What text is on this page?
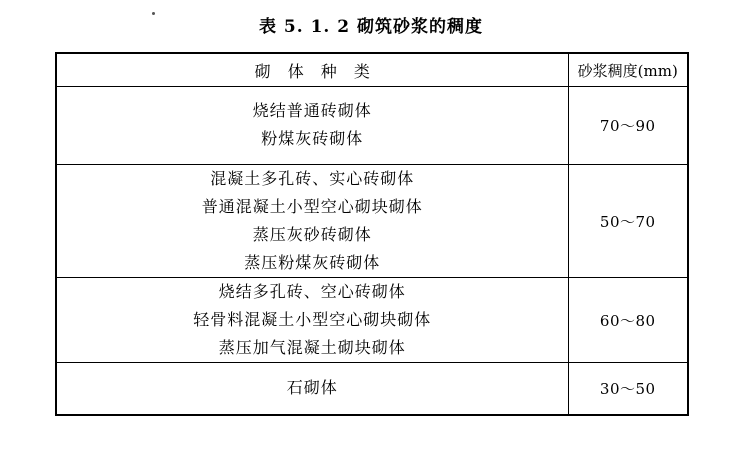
表 5. 1. 2 砌筑砂浆的稠度
砌 体 种 类	砂浆稠度(mm)

烧结普通砖砌体
粉煤灰砖砌体	70～90

混凝土多孔砖、实心砖砌体
普通混凝土小型空心砌块砌体
蒸压灰砂砖砌体
蒸压粉煤灰砖砌体	50～70

烧结多孔砖、空心砖砌体
轻骨料混凝土小型空心砌块砌体
蒸压加气混凝土砌块砌体	60～80

石砌体	30～50
